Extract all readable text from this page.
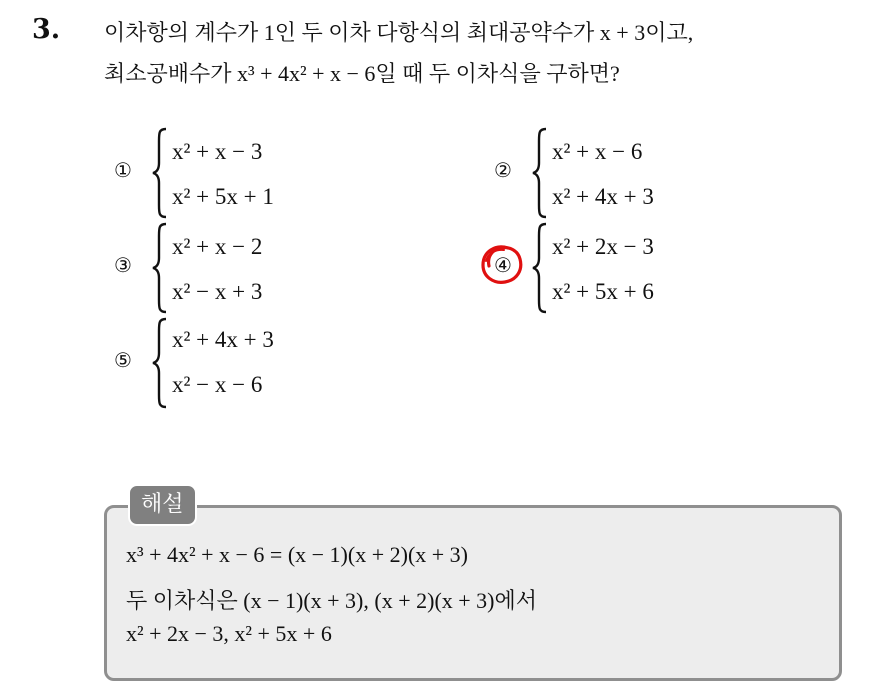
3. 이차항의 계수가 1인 두 이차 다항식의 최대공약수가 x + 3이고,
최소공배수가 x³ + 4x² + x − 6일 때 두 이차식을 구하면?
①
x² + x − 3
x² + 5x + 1
②
x² + x − 6
x² + 4x + 3
③
x² + x − 2
x² − x + 3
④
x² + 2x − 3
x² + 5x + 6
⑤
x² + 4x + 3
x² − x − 6
해설
x³ + 4x² + x − 6 = (x − 1)(x + 2)(x + 3)
두 이차식은 (x − 1)(x + 3), (x + 2)(x + 3)에서
x² + 2x − 3, x² + 5x + 6
